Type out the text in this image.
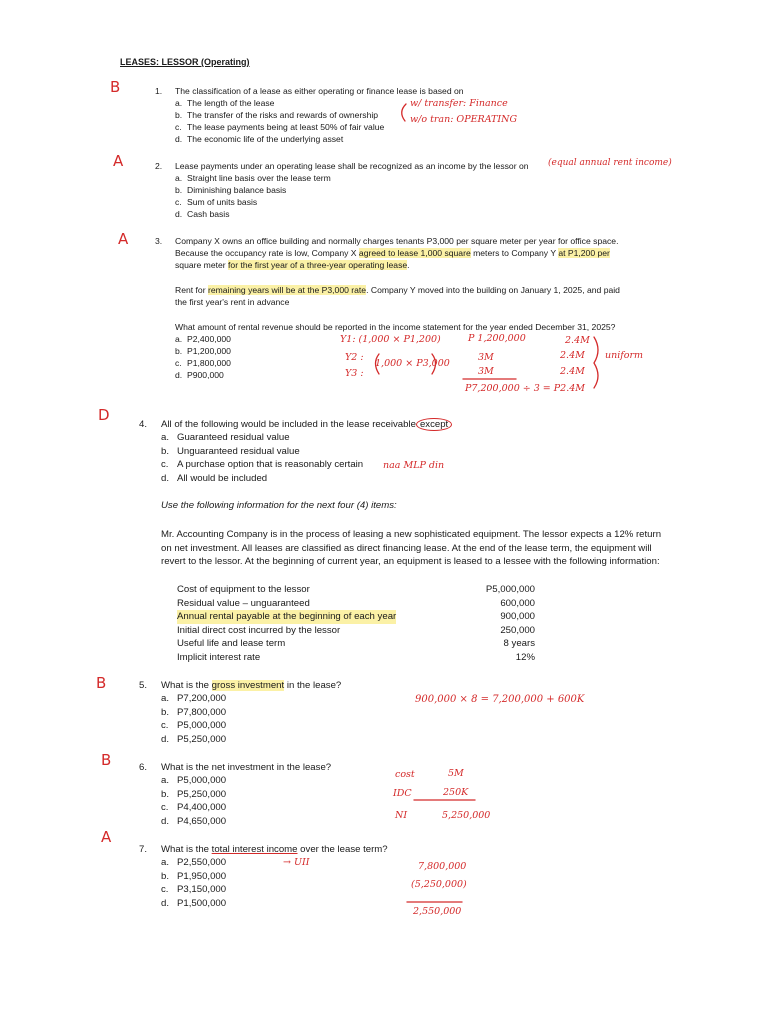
LEASES: LESSOR (Operating)
B
A
A
D
B
B
A
1. The classification of a lease as either operating or finance lease is based on
a. The length of the lease
b. The transfer of the risks and rewards of ownership
c. The lease payments being at least 50% of fair value
d. The economic life of the underlying asset
w/ transfer: Finance
w/o tran: OPERATING
2. Lease payments under an operating lease shall be recognized as an income by the lessor on (equal annual rent income)
a. Straight line basis over the lease term
b. Diminishing balance basis
c. Sum of units basis
d. Cash basis
3. Company X owns an office building and normally charges tenants P3,000 per square meter per year for office space.
Because the occupancy rate is low, Company X agreed to lease 1,000 square meters to Company Y at P1,200 per
square meter for the first year of a three-year operating lease.
Rent for remaining years will be at the P3,000 rate. Company Y moved into the building on January 1, 2025, and paid
the first year's rent in advance
What amount of rental revenue should be reported in the income statement for the year ended December 31, 2025?
a. P2,400,000
b. P1,200,000
c. P1,800,000
d. P900,000
Y1: (1,000 × P1,200)
Y2 :
Y3 :
1,000 × P3,000
P 1,200,000
3M
3M
P7,200,000 ÷ 3 = P2.4M
2.4M
2.4M
2.4M
uniform
4. All of the following would be included in the lease receivable except
a. Guaranteed residual value
b. Unguaranteed residual value
c. A purchase option that is reasonably certain
d. All would be included
naa MLP din
Use the following information for the next four (4) items:
Mr. Accounting Company is in the process of leasing a new sophisticated equipment. The lessor expects a 12% return
on net investment. All leases are classified as direct financing lease. At the end of the lease term, the equipment will
revert to the lessor. At the beginning of current year, an equipment is leased to a lessee with the following information:
Cost of equipment to the lessor	P5,000,000
Residual value – unguaranteed	600,000
Annual rental payable at the beginning of each year	900,000
Initial direct cost incurred by the lessor	250,000
Useful life and lease term	8 years
Implicit interest rate	12%
5. What is the gross investment in the lease?
a. P7,200,000
b. P7,800,000
c. P5,000,000
d. P5,250,000
900,000 × 8 = 7,200,000 + 600K
6. What is the net investment in the lease?
a. P5,000,000
b. P5,250,000
c. P4,400,000
d. P4,650,000
cost
IDC
NI
5M
250K
5,250,000
7. What is the total interest income over the lease term?
a. P2,550,000
b. P1,950,000
c. P3,150,000
d. P1,500,000
→ UII	7,800,000
(5,250,000)
2,550,000
